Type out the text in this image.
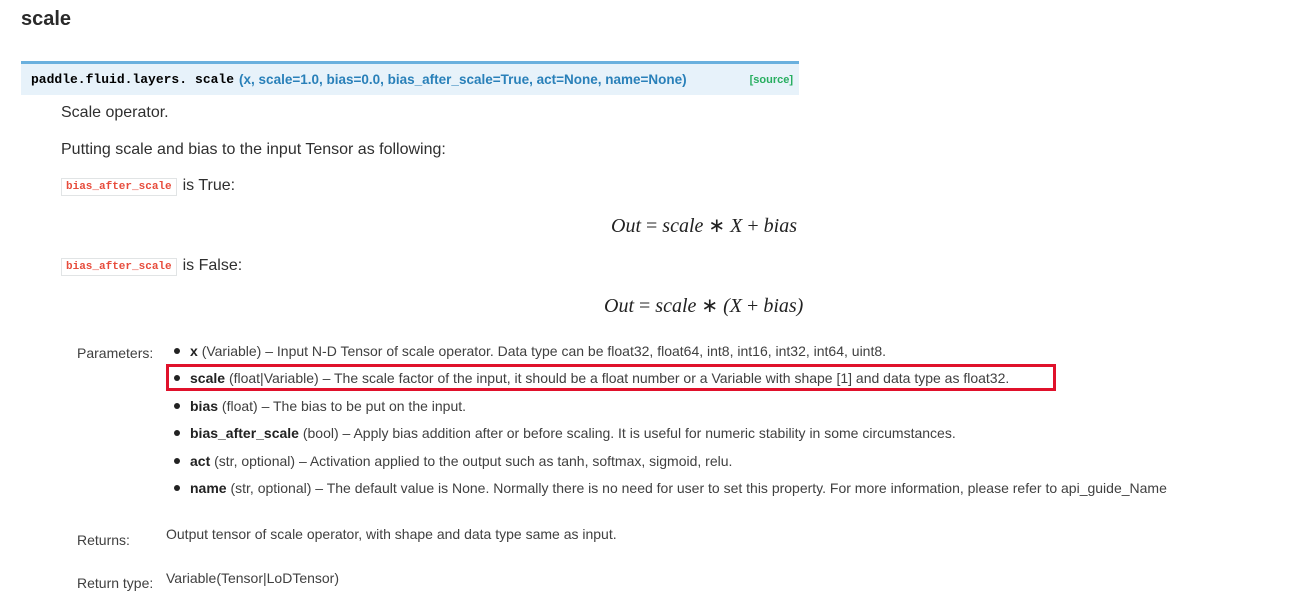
scale
paddle.fluid.layers. scale (x, scale=1.0, bias=0.0, bias_after_scale=True, act=None, name=None)	[source]

Scale operator.

Putting scale and bias to the input Tensor as following:

bias_after_scale is True:

Out = scale ∗ X + bias

bias_after_scale is False:

Out = scale ∗ (X + bias)
Parameters:	x (Variable) – Input N-D Tensor of scale operator. Data type can be float32, float64, int8, int16, int32, int64, uint8.
scale (float|Variable) – The scale factor of the input, it should be a float number or a Variable with shape [1] and data type as float32.
bias (float) – The bias to be put on the input.
bias_after_scale (bool) – Apply bias addition after or before scaling. It is useful for numeric stability in some circumstances.
act (str, optional) – Activation applied to the output such as tanh, softmax, sigmoid, relu.
name (str, optional) – The default value is None. Normally there is no need for user to set this property. For more information, please refer to api_guide_Name
Returns:	Output tensor of scale operator, with shape and data type same as input.
Return type: Variable(Tensor|LoDTensor)
